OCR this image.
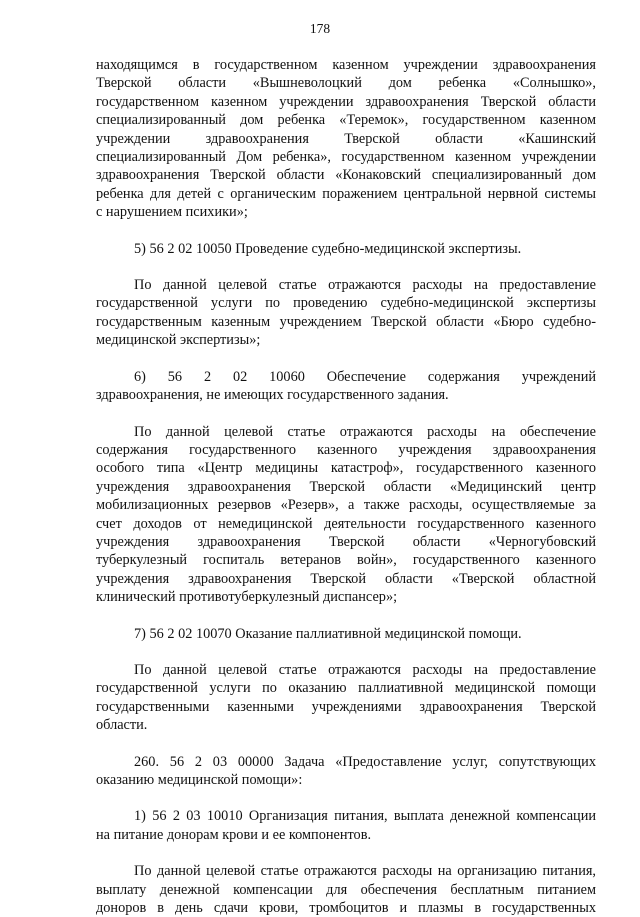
178
находящимся в государственном казенном учреждении здравоохранения
Тверской области «Вышневолоцкий дом ребенка «Солнышко»,
государственном казенном учреждении здравоохранения Тверской области
специализированный дом ребенка «Теремок», государственном казенном
учреждении здравоохранения Тверской области «Кашинский
специализированный Дом ребенка», государственном казенном учреждении
здравоохранения Тверской области «Конаковский специализированный дом
ребенка для детей с органическим поражением центральной нервной системы
с нарушением психики»;
5) 56 2 02 10050 Проведение судебно-медицинской экспертизы.
По данной целевой статье отражаются расходы на предоставление
государственной услуги по проведению судебно-медицинской экспертизы
государственным казенным учреждением Тверской области «Бюро судебно-
медицинской экспертизы»;
6) 56 2 02 10060 Обеспечение содержания учреждений
здравоохранения, не имеющих государственного задания.
По данной целевой статье отражаются расходы на обеспечение
содержания государственного казенного учреждения здравоохранения
особого типа «Центр медицины катастроф», государственного казенного
учреждения здравоохранения Тверской области «Медицинский центр
мобилизационных резервов «Резерв», а также расходы, осуществляемые за
счет доходов от немедицинской деятельности государственного казенного
учреждения здравоохранения Тверской области «Черногубовский
туберкулезный госпиталь ветеранов войн», государственного казенного
учреждения здравоохранения Тверской области «Тверской областной
клинический противотуберкулезный диспансер»;
7) 56 2 02 10070 Оказание паллиативной медицинской помощи.
По данной целевой статье отражаются расходы на предоставление
государственной услуги по оказанию паллиативной медицинской помощи
государственными казенными учреждениями здравоохранения Тверской
области.
260. 56 2 03 00000 Задача «Предоставление услуг, сопутствующих
оказанию медицинской помощи»:
1) 56 2 03 10010 Организация питания, выплата денежной компенсации
на питание донорам крови и ее компонентов.
По данной целевой статье отражаются расходы на организацию питания,
выплату денежной компенсации для обеспечения бесплатным питанием
доноров в день сдачи крови, тромбоцитов и плазмы в государственных
